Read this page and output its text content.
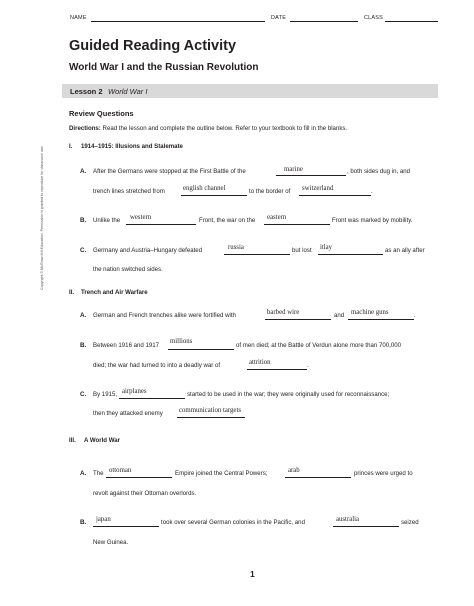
NAME	DATE	CLASS
Guided Reading Activity
World War I and the Russian Revolution
Lesson 2 World War I
Review Questions
Directions: Read the lesson and complete the outline below. Refer to your textbook to fill in the blanks.
I. 1914–1915: Illusions and Stalemate
A. After the Germans were stopped at the First Battle of the	marine	, both sides dug in, and
trench lines stretched from	english channel	to the border of switzerland	.
B. Unlike the western	Front, the war on the eastern	Front was marked by mobility.
C. Germany and Austria–Hungary defeated	russia	but lost itlay	as an ally after
the nation switched sides.
II. Trench and Air Warfare
A. German and French trenches alike were fortified with	barbed wire	and machine guns	.
B. Between 1916 and 1917
millions
of men died; at the Battle of Verdun alone more than 700,000
died; the war had turned to into a deadly war of	attrition	.
C. By 1915, airplanes	started to be used in the war; they were originally used for reconnaissance;
then they attacked enemy communication targets
III. A World War
A. The ottoman	Empire joined the Central Powers;	arab	princes were urged to
revolt against their Ottoman overlords.
B. japan	took over several German colonies in the Pacific, and	australia	seized
New Guinea.
Copyright © McGraw-Hill Education. Permission is granted to reproduce for classroom use.
1
